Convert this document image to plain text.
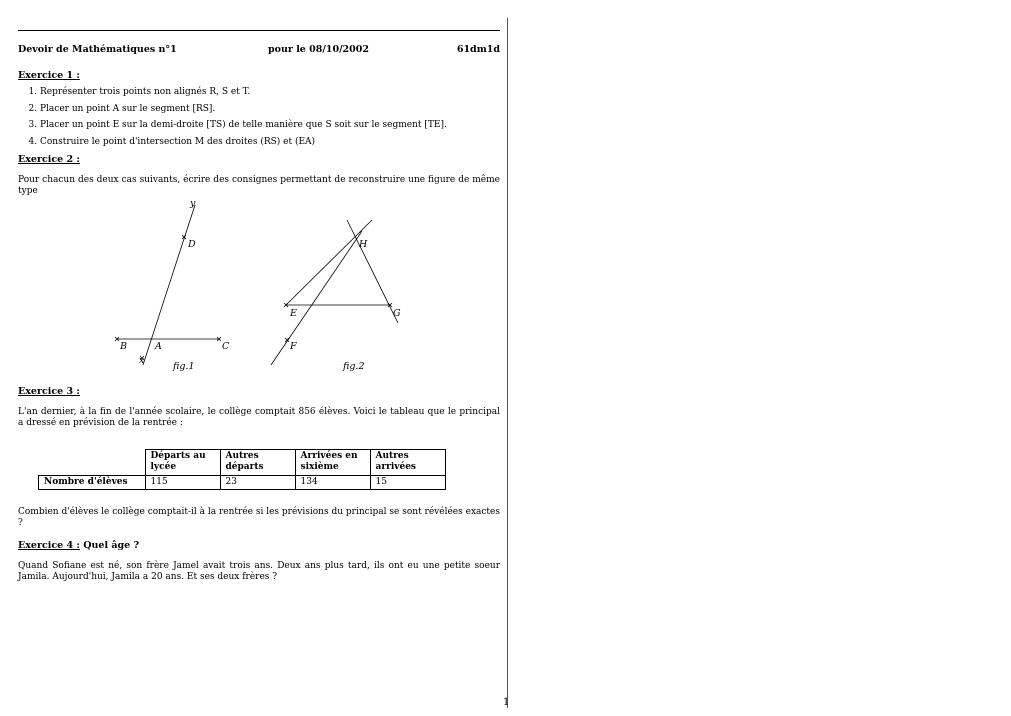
Devoir de Mathématiques n°1	pour le 08/10/2002	61dm1d
Exercice 1 :
1. Représenter trois points non alignés R, S et T.
2. Placer un point A sur le segment [RS].
3. Placer un point E sur la demi-droite [TS) de telle manière que S soit sur le segment [TE].
4. Construire le point d'intersection M des droites (RS) et (EA)
Exercice 2 :
Pour chacun des deux cas suivants, écrire des consignes permettant de reconstruire une figure de même type
y
D
B	A	C
x
fig.1
H
E	G
F
fig.2
Exercice 3 :
L'an dernier, à la fin de l'année scolaire, le collège comptait 856 élèves. Voici le tableau que le principal a dressé en prévision de la rentrée :
	Départs au lycée	Autres départs	Arrivées en sixième	Autres arrivées
Nombre d'élèves	115	23	134	15
Combien d'élèves le collège comptait-il à la rentrée si les prévisions du principal se sont révélées exactes ?
Exercice 4 : Quel âge ?
Quand Sofiane est né, son frère Jamel avait trois ans. Deux ans plus tard, ils ont eu une petite soeur Jamila. Aujourd'hui, Jamila a 20 ans. Et ses deux frères ?
1
